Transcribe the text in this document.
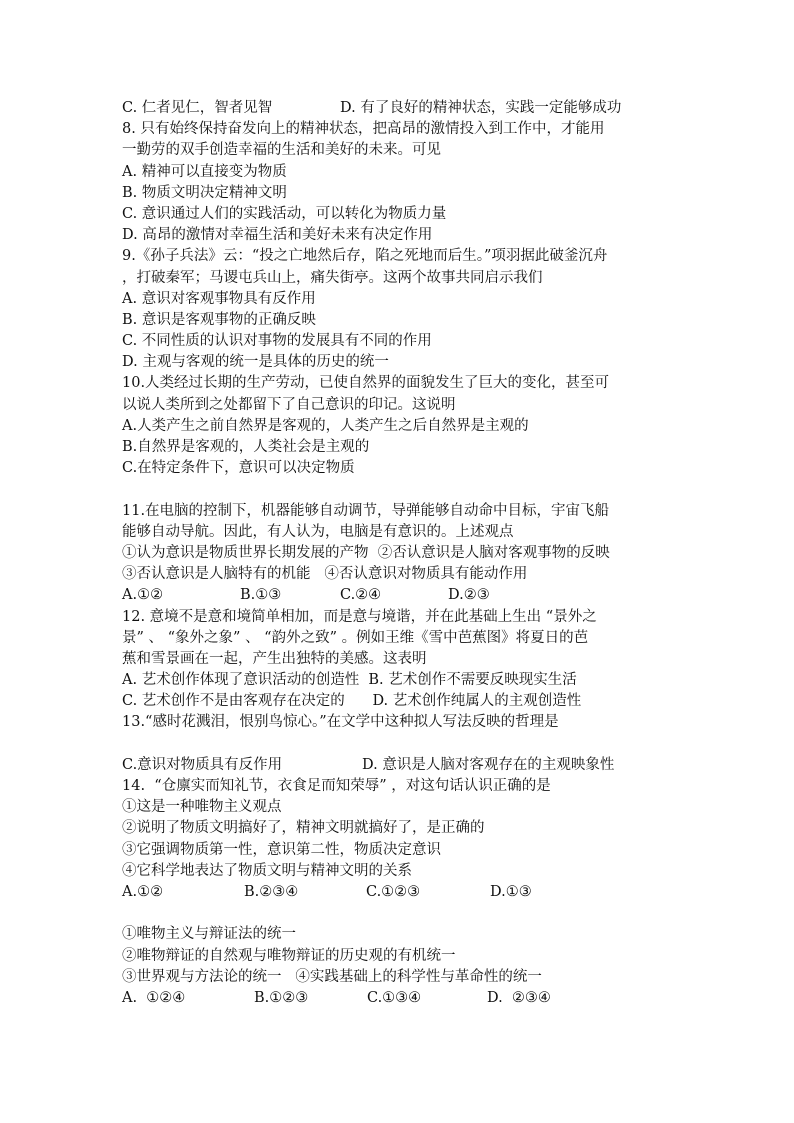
C. 仁者见仁，智者见智	D. 有了良好的精神状态，实践一定能够成功
8. 只有始终保持奋发向上的精神状态，把高昂的激情投入到工作中，才能用
一勤劳的双手创造幸福的生活和美好的未来。可见
A. 精神可以直接变为物质
B. 物质文明决定精神文明
C. 意识通过人们的实践活动，可以转化为物质力量
D. 高昂的激情对幸福生活和美好未来有决定作用
9.《孙子兵法》云：“投之亡地然后存，陷之死地而后生。”项羽据此破釜沉舟
，打破秦军；马谡屯兵山上，痛失街亭。这两个故事共同启示我们
A. 意识对客观事物具有反作用
B. 意识是客观事物的正确反映
C. 不同性质的认识对事物的发展具有不同的作用
D. 主观与客观的统一是具体的历史的统一
10.人类经过长期的生产劳动，已使自然界的面貌发生了巨大的变化，甚至可
以说人类所到之处都留下了自己意识的印记。这说明
A.人类产生之前自然界是客观的，人类产生之后自然界是主观的
B.自然界是客观的，人类社会是主观的
C.在特定条件下，意识可以决定物质
11.在电脑的控制下，机器能够自动调节，导弹能够自动命中目标，宇宙飞船
能够自动导航。因此，有人认为，电脑是有意识的。上述观点
①认为意识是物质世界长期发展的产物  ②否认意识是人脑对客观事物的反映
③否认意识是人脑特有的机能   ④否认意识对物质具有能动作用
A.①②	B.①③	C.②④	D.②③
12. 意境不是意和境简单相加，而是意与境谐，并在此基础上生出 “景外之
景” 、 “象外之象” 、 “韵外之致” 。例如王维《雪中芭蕉图》将夏日的芭
蕉和雪景画在一起，产生出独特的美感。这表明
A. 艺术创作体现了意识活动的创造性  B. 艺术创作不需要反映现实生活
C. 艺术创作不是由客观存在决定的      D. 艺术创作纯属人的主观创造性
13.“感时花溅泪，恨别鸟惊心。”在文学中这种拟人写法反映的哲理是
C.意识对物质具有反作用	D. 意识是人脑对客观存在的主观映象性
14.  “仓廪实而知礼节，衣食足而知荣辱” ，对这句话认识正确的是
①这是一种唯物主义观点
②说明了物质文明搞好了，精神文明就搞好了，是正确的
③它强调物质第一性，意识第二性，物质决定意识
④它科学地表达了物质文明与精神文明的关系
A.①②	B.②③④	C.①②③	D.①③
①唯物主义与辩证法的统一
②唯物辩证的自然观与唯物辩证的历史观的有机统一
③世界观与方法论的统一   ④实践基础上的科学性与革命性的统一
A.  ①②④	B.①②③	C.①③④	D.  ②③④
